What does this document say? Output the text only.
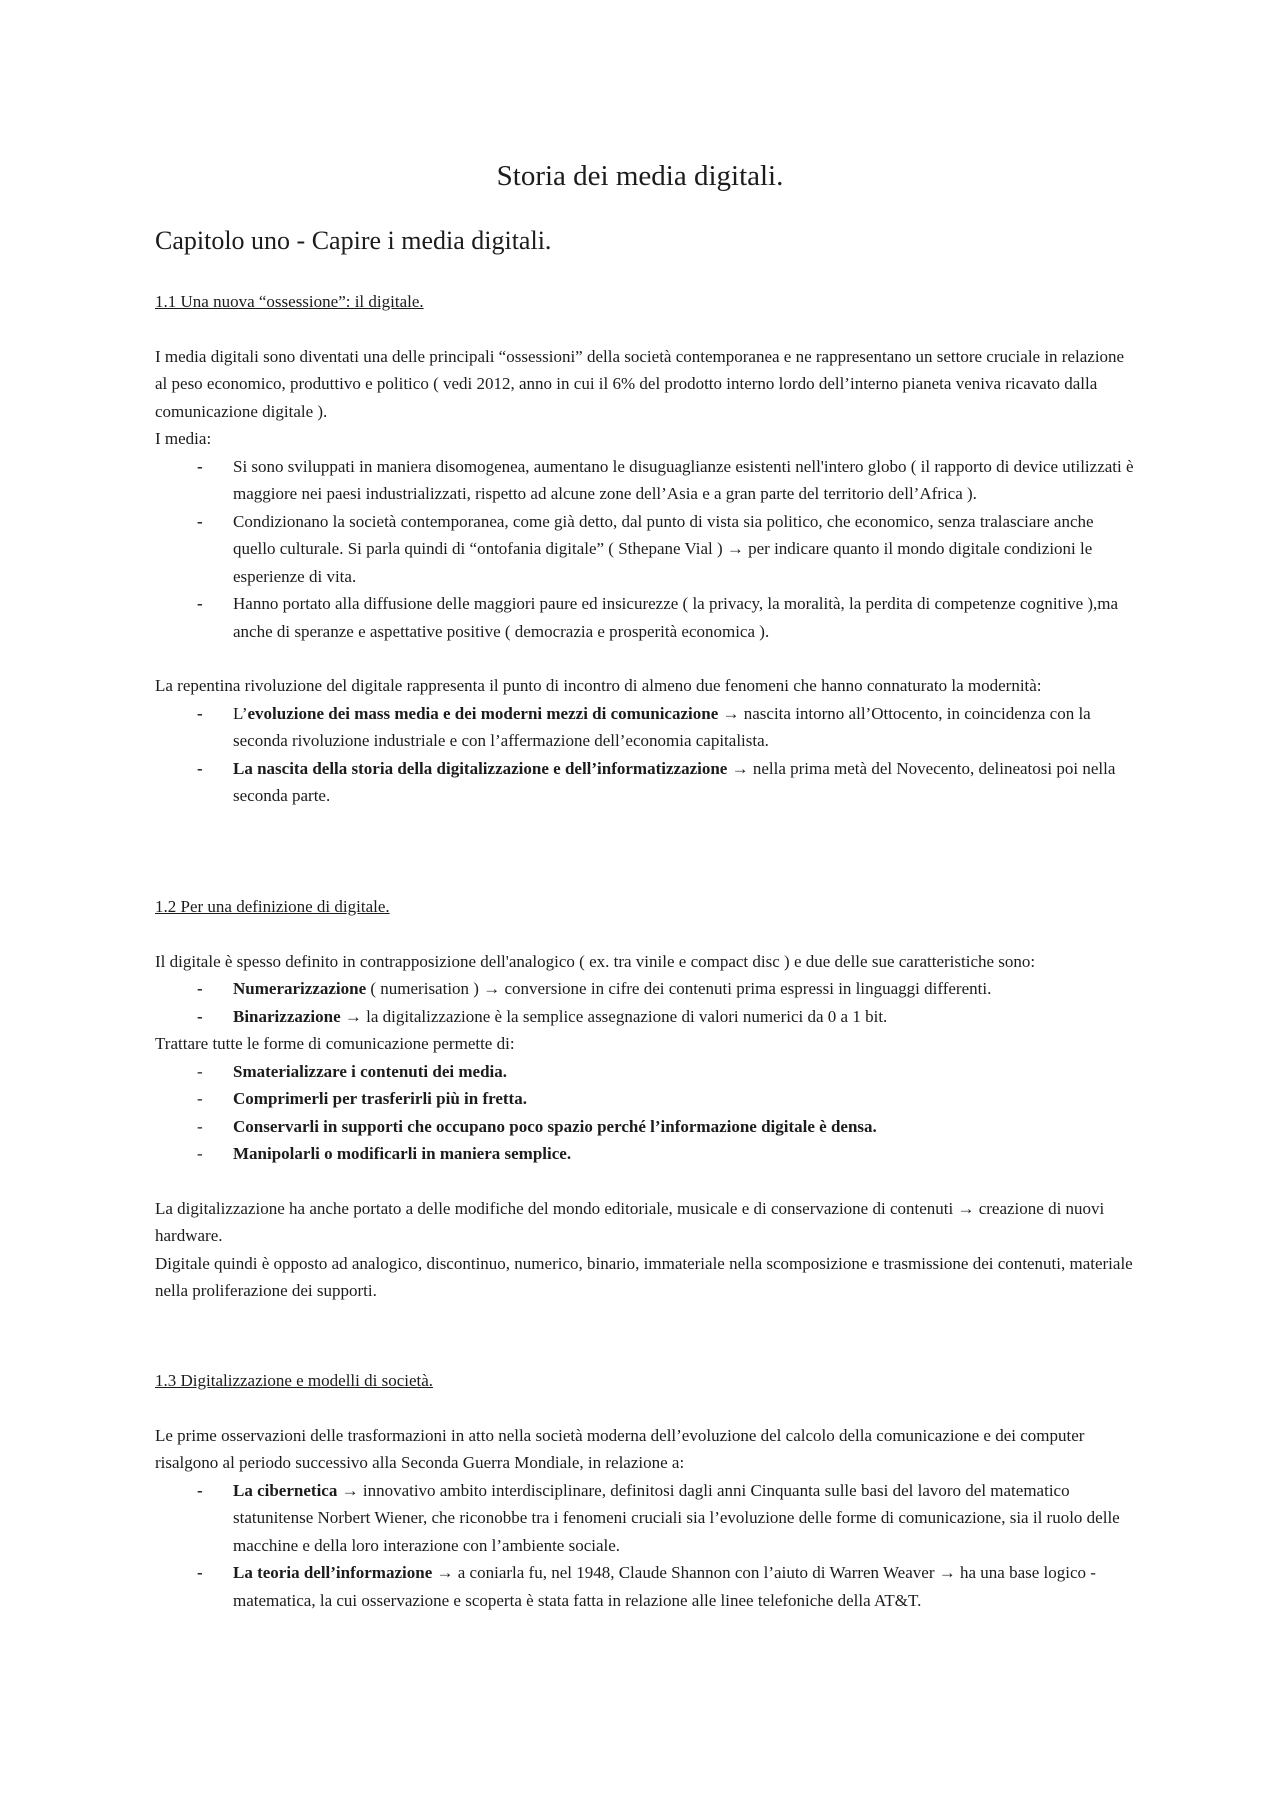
Storia dei media digitali.
Capitolo uno - Capire i media digitali.

1.1 Una nuova “ossessione”: il digitale.

I media digitali sono diventati una delle principali “ossessioni” della società contemporanea e ne rappresentano un settore cruciale in relazione al peso economico, produttivo e politico ( vedi 2012, anno in cui il 6% del prodotto interno lordo dell’interno pianeta veniva ricavato dalla comunicazione digitale ).

I media:

- Si sono sviluppati in maniera disomogenea, aumentano le disuguaglianze esistenti nell'intero globo ( il rapporto di device utilizzati è maggiore nei paesi industrializzati, rispetto ad alcune zone dell’Asia e a gran parte del territorio dell’Africa ).
- Condizionano la società contemporanea, come già detto, dal punto di vista sia politico, che economico, senza tralasciare anche quello culturale. Si parla quindi di “ontofania digitale” ( Sthepane Vial ) → per indicare quanto il mondo digitale condizioni le esperienze di vita.
- Hanno portato alla diffusione delle maggiori paure ed insicurezze ( la privacy, la moralità, la perdita di competenze cognitive ),ma anche di speranze e aspettative positive ( democrazia e prosperità economica ).

La repentina rivoluzione del digitale rappresenta il punto di incontro di almeno due fenomeni che hanno connaturato la modernità:

- L’evoluzione dei mass media e dei moderni mezzi di comunicazione → nascita intorno all’Ottocento, in coincidenza con la seconda rivoluzione industriale e con l’affermazione dell’economia capitalista.
- La nascita della storia della digitalizzazione e dell’informatizzazione → nella prima metà del Novecento, delineatosi poi nella seconda parte.

1.2 Per una definizione di digitale.

Il digitale è spesso definito in contrapposizione dell'analogico ( ex. tra vinile e compact disc ) e due delle sue caratteristiche sono:

- Numerarizzazione ( numerisation ) → conversione in cifre dei contenuti prima espressi in linguaggi differenti.
- Binarizzazione → la digitalizzazione è la semplice assegnazione di valori numerici da 0 a 1 bit.

Trattare tutte le forme di comunicazione permette di:

- Smaterializzare i contenuti dei media.
- Comprimerli per trasferirli più in fretta.
- Conservarli in supporti che occupano poco spazio perché l’informazione digitale è densa.
- Manipolarli o modificarli in maniera semplice.

La digitalizzazione ha anche portato a delle modifiche del mondo editoriale, musicale e di conservazione di contenuti → creazione di nuovi hardware.

Digitale quindi è opposto ad analogico, discontinuo, numerico, binario, immateriale nella scomposizione e trasmissione dei contenuti, materiale nella proliferazione dei supporti.

1.3 Digitalizzazione e modelli di società.

Le prime osservazioni delle trasformazioni in atto nella società moderna dell’evoluzione del calcolo della comunicazione e dei computer risalgono al periodo successivo alla Seconda Guerra Mondiale, in relazione a:

- La cibernetica → innovativo ambito interdisciplinare, definitosi dagli anni Cinquanta sulle basi del lavoro del matematico statunitense Norbert Wiener, che riconobbe tra i fenomeni cruciali sia l’evoluzione delle forme di comunicazione, sia il ruolo delle macchine e della loro interazione con l’ambiente sociale.
- La teoria dell’informazione → a coniarla fu, nel 1948, Claude Shannon con l’aiuto di Warren Weaver → ha una base logico - matematica, la cui osservazione e scoperta è stata fatta in relazione alle linee telefoniche della AT&T.
